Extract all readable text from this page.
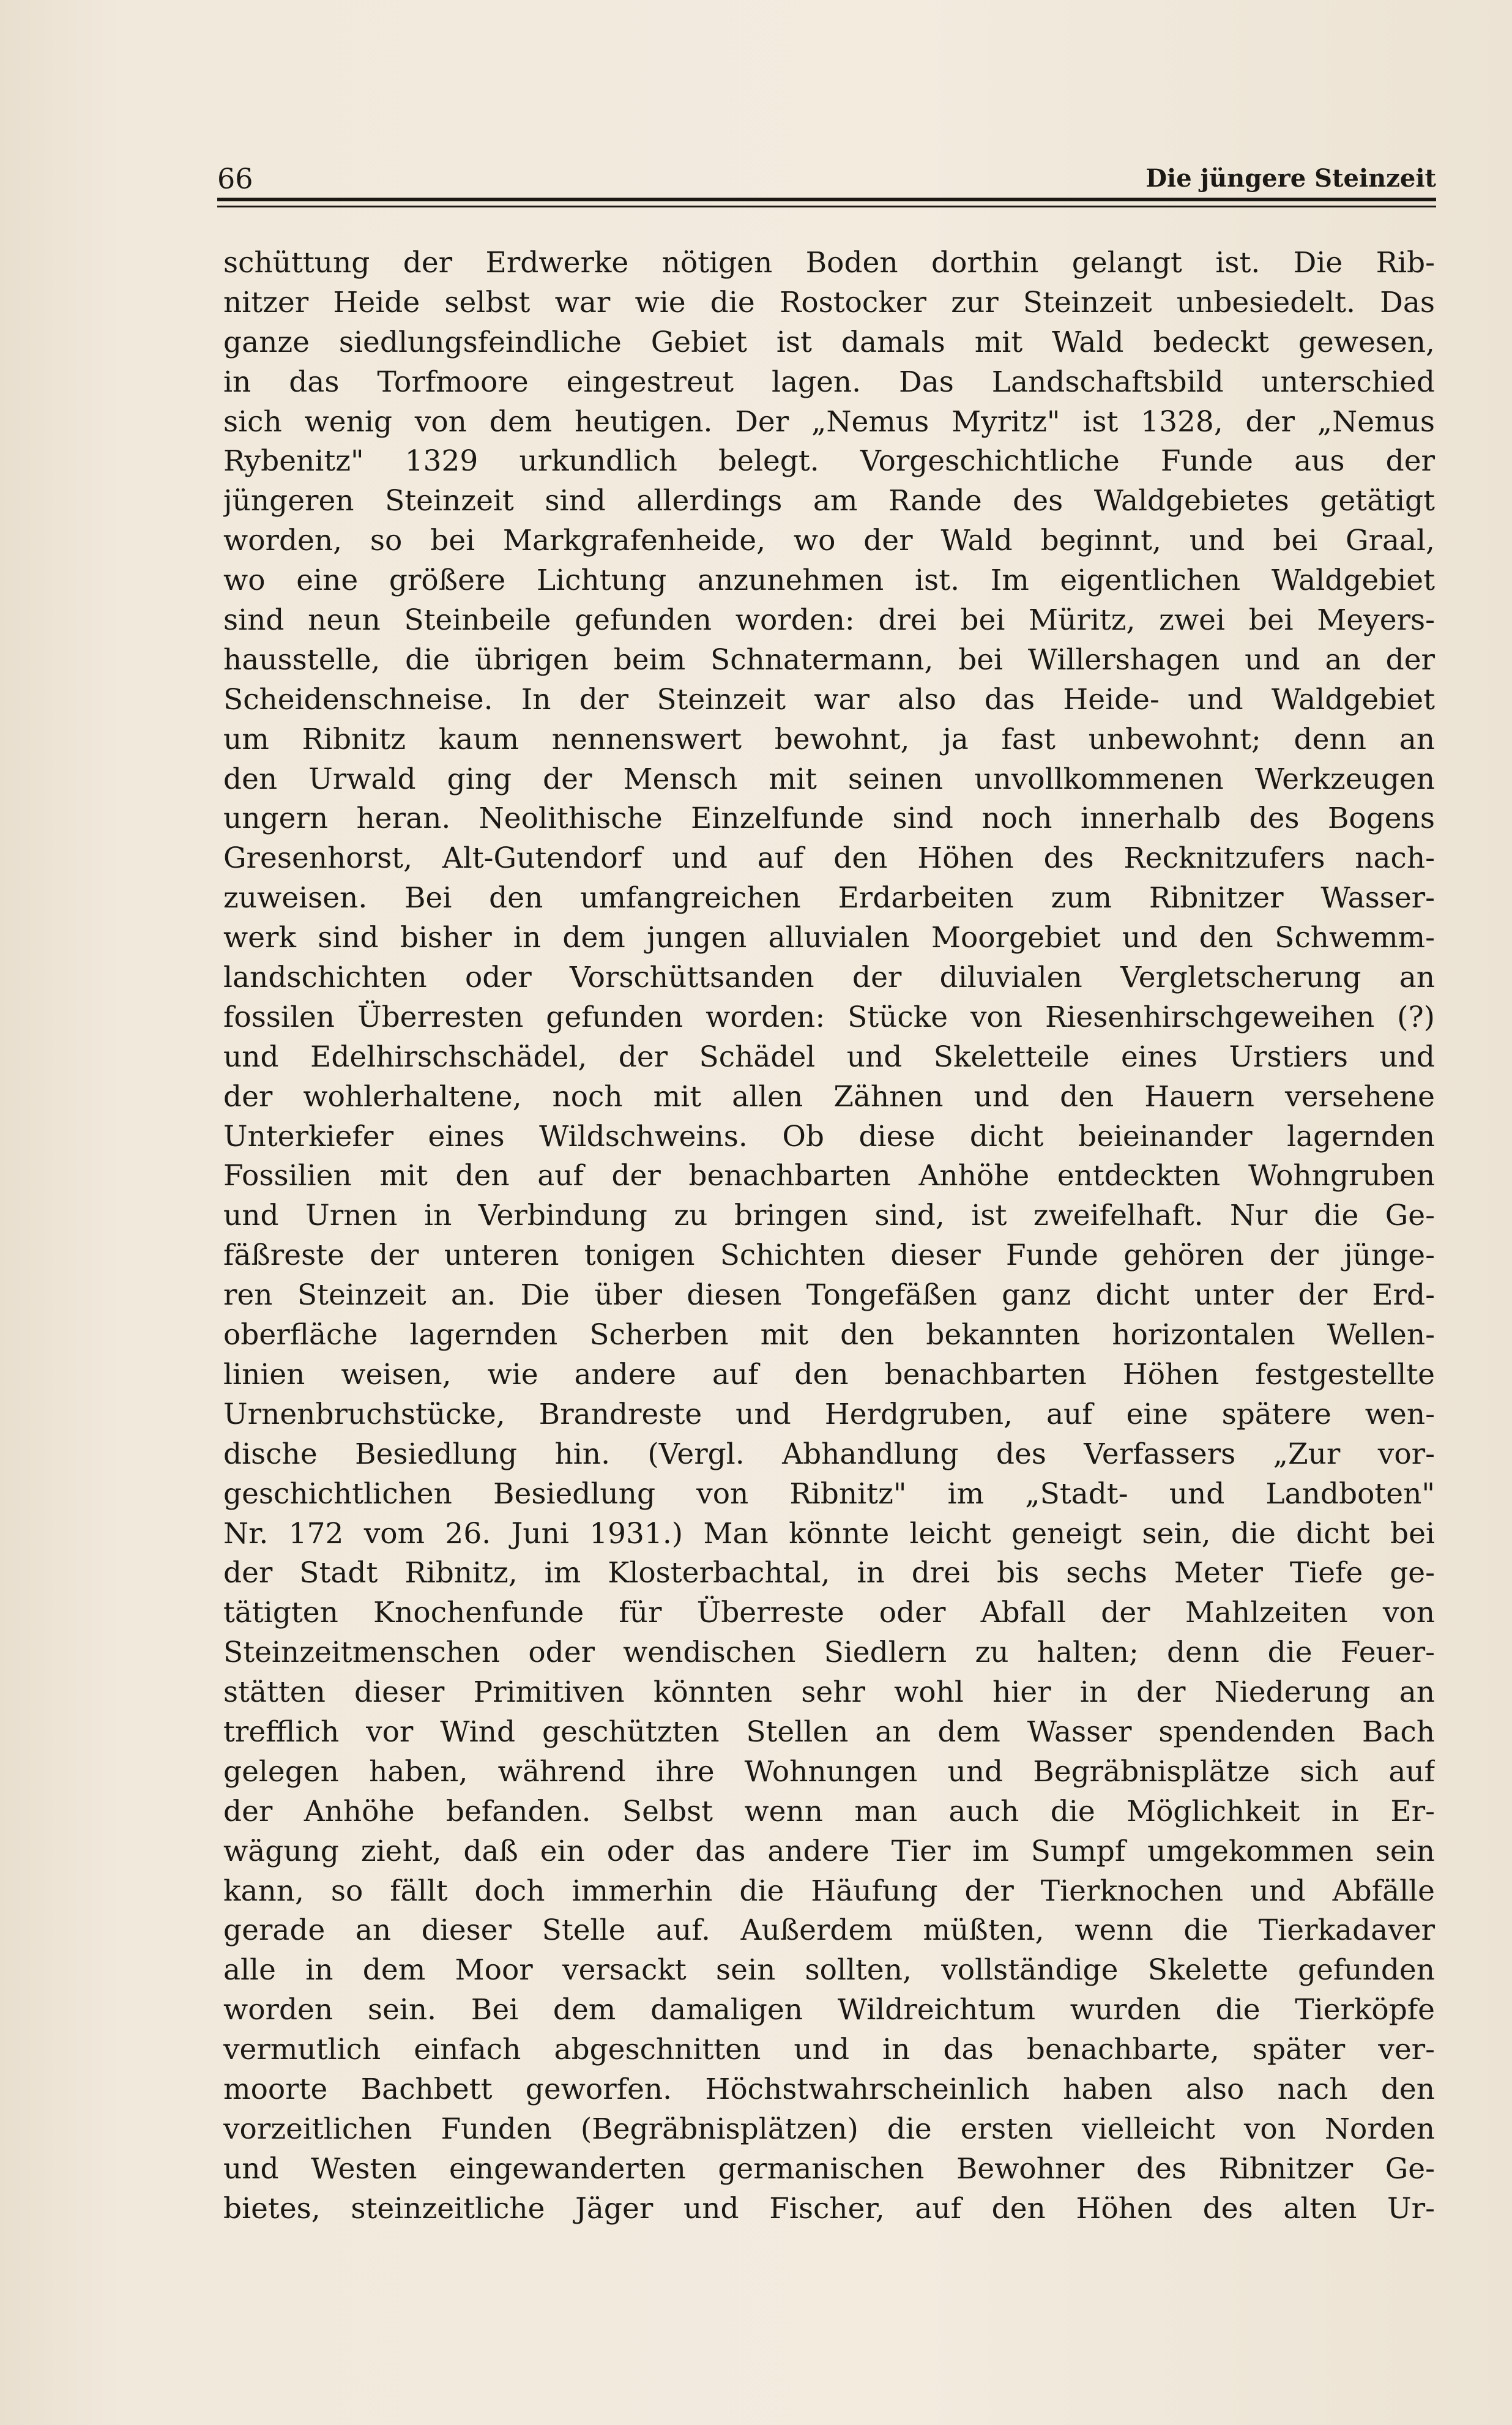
66	Die jüngere Steinzeit
schüttung der Erdwerke nötigen Boden dorthin gelangt ist. Die Rib-
nitzer Heide selbst war wie die Rostocker zur Steinzeit unbesiedelt. Das
ganze siedlungsfeindliche Gebiet ist damals mit Wald bedeckt gewesen,
in das Torfmoore eingestreut lagen. Das Landschaftsbild unterschied
sich wenig von dem heutigen. Der „Nemus Myritz" ist 1328, der „Nemus
Rybenitz" 1329 urkundlich belegt. Vorgeschichtliche Funde aus der
jüngeren Steinzeit sind allerdings am Rande des Waldgebietes getätigt
worden, so bei Markgrafenheide, wo der Wald beginnt, und bei Graal,
wo eine größere Lichtung anzunehmen ist. Im eigentlichen Waldgebiet
sind neun Steinbeile gefunden worden: drei bei Müritz, zwei bei Meyers-
hausstelle, die übrigen beim Schnatermann, bei Willershagen und an der
Scheidenschneise. In der Steinzeit war also das Heide- und Waldgebiet
um Ribnitz kaum nennenswert bewohnt, ja fast unbewohnt; denn an
den Urwald ging der Mensch mit seinen unvollkommenen Werkzeugen
ungern heran. Neolithische Einzelfunde sind noch innerhalb des Bogens
Gresenhorst, Alt-Gutendorf und auf den Höhen des Recknitzufers nach-
zuweisen. Bei den umfangreichen Erdarbeiten zum Ribnitzer Wasser-
werk sind bisher in dem jungen alluvialen Moorgebiet und den Schwemm-
landschichten oder Vorschüttsanden der diluvialen Vergletscherung an
fossilen Überresten gefunden worden: Stücke von Riesenhirschgeweihen (?)
und Edelhirschschädel, der Schädel und Skeletteile eines Urstiers und
der wohlerhaltene, noch mit allen Zähnen und den Hauern versehene
Unterkiefer eines Wildschweins. Ob diese dicht beieinander lagernden
Fossilien mit den auf der benachbarten Anhöhe entdeckten Wohngruben
und Urnen in Verbindung zu bringen sind, ist zweifelhaft. Nur die Ge-
fäßreste der unteren tonigen Schichten dieser Funde gehören der jünge-
ren Steinzeit an. Die über diesen Tongefäßen ganz dicht unter der Erd-
oberfläche lagernden Scherben mit den bekannten horizontalen Wellen-
linien weisen, wie andere auf den benachbarten Höhen festgestellte
Urnenbruchstücke, Brandreste und Herdgruben, auf eine spätere wen-
dische Besiedlung hin. (Vergl. Abhandlung des Verfassers „Zur vor-
geschichtlichen Besiedlung von Ribnitz" im „Stadt- und Landboten"
Nr. 172 vom 26. Juni 1931.) Man könnte leicht geneigt sein, die dicht bei
der Stadt Ribnitz, im Klosterbachtal, in drei bis sechs Meter Tiefe ge-
tätigten Knochenfunde für Überreste oder Abfall der Mahlzeiten von
Steinzeitmenschen oder wendischen Siedlern zu halten; denn die Feuer-
stätten dieser Primitiven könnten sehr wohl hier in der Niederung an
trefflich vor Wind geschützten Stellen an dem Wasser spendenden Bach
gelegen haben, während ihre Wohnungen und Begräbnisplätze sich auf
der Anhöhe befanden. Selbst wenn man auch die Möglichkeit in Er-
wägung zieht, daß ein oder das andere Tier im Sumpf umgekommen sein
kann, so fällt doch immerhin die Häufung der Tierknochen und Abfälle
gerade an dieser Stelle auf. Außerdem müßten, wenn die Tierkadaver
alle in dem Moor versackt sein sollten, vollständige Skelette gefunden
worden sein. Bei dem damaligen Wildreichtum wurden die Tierköpfe
vermutlich einfach abgeschnitten und in das benachbarte, später ver-
moorte Bachbett geworfen. Höchstwahrscheinlich haben also nach den
vorzeitlichen Funden (Begräbnisplätzen) die ersten vielleicht von Norden
und Westen eingewanderten germanischen Bewohner des Ribnitzer Ge-
bietes, steinzeitliche Jäger und Fischer, auf den Höhen des alten Ur-
